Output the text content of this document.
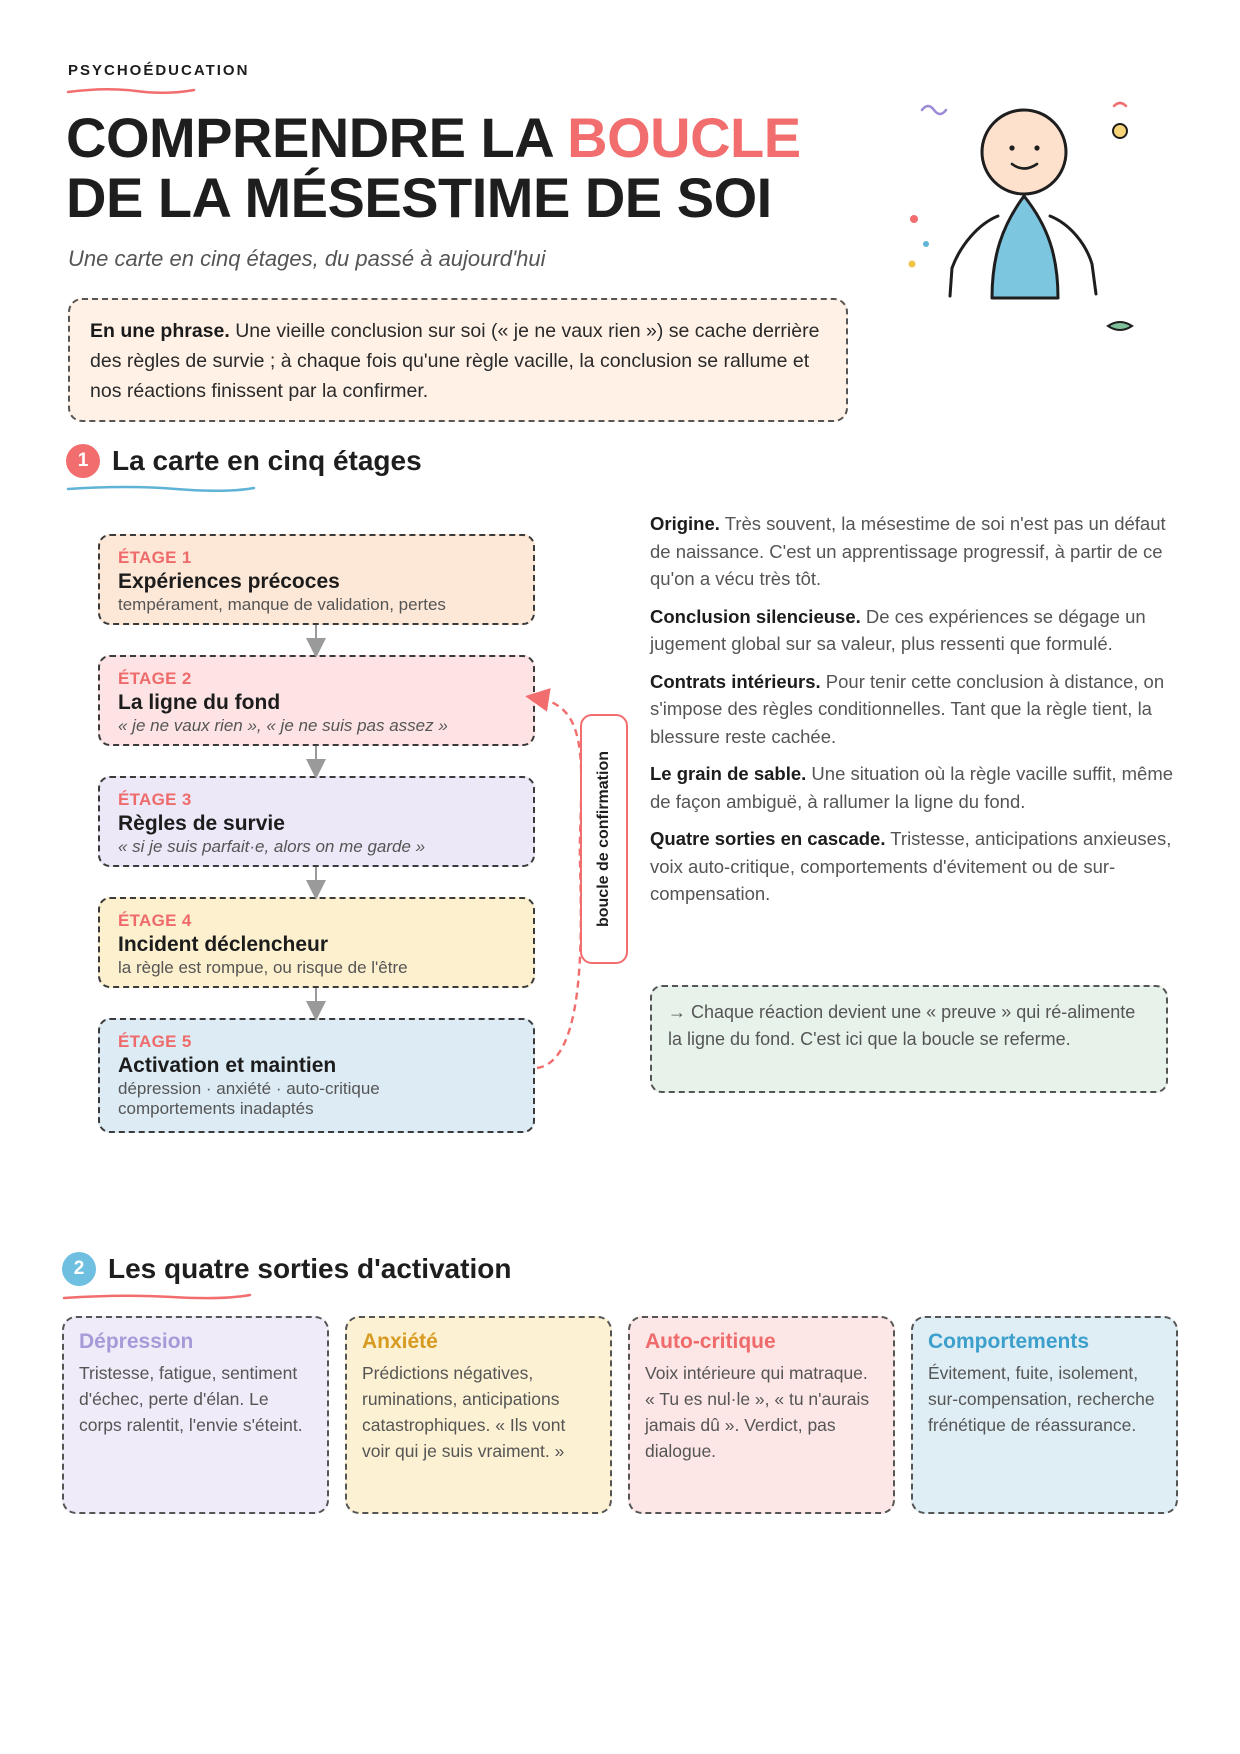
PSYCHOÉDUCATION
COMPRENDRE LA BOUCLE
DE LA MÉSESTIME DE SOI
Une carte en cinq étages, du passé à aujourd'hui
En une phrase. Une vieille conclusion sur soi (« je ne vaux rien ») se cache derrière des règles de survie ; à chaque fois qu'une règle vacille, la conclusion se rallume et nos réactions finissent par la confirmer.
1 La carte en cinq étages
ÉTAGE 1
Expériences précoces
tempérament, manque de validation, pertes
ÉTAGE 2
La ligne du fond
« je ne vaux rien », « je ne suis pas assez »
ÉTAGE 3
Règles de survie
« si je suis parfait·e, alors on me garde »
ÉTAGE 4
Incident déclencheur
la règle est rompue, ou risque de l'être
ÉTAGE 5
Activation et maintien
dépression · anxiété · auto-critique
comportements inadaptés
boucle de confirmation

Origine. Très souvent, la mésestime de soi n'est pas un défaut de naissance. C'est un apprentissage progressif, à partir de ce qu'on a vécu très tôt.

Conclusion silencieuse. De ces expériences se dégage un jugement global sur sa valeur, plus ressenti que formulé.

Contrats intérieurs. Pour tenir cette conclusion à distance, on s'impose des règles conditionnelles. Tant que la règle tient, la blessure reste cachée.

Le grain de sable. Une situation où la règle vacille suffit, même de façon ambiguë, à rallumer la ligne du fond.

Quatre sorties en cascade. Tristesse, anticipations anxieuses, voix auto-critique, comportements d'évitement ou de sur-compensation.

→ Chaque réaction devient une « preuve » qui ré-alimente la ligne du fond. C'est ici que la boucle se referme.
2 Les quatre sorties d'activation
Dépression
Tristesse, fatigue, sentiment d'échec, perte d'élan. Le corps ralentit, l'envie s'éteint.
Anxiété
Prédictions négatives, ruminations, anticipations catastrophiques. « Ils vont voir qui je suis vraiment. »
Auto-critique
Voix intérieure qui matraque. « Tu es nul·le », « tu n'aurais jamais dû ». Verdict, pas dialogue.
Comportements
Évitement, fuite, isolement, sur-compensation, recherche frénétique de réassurance.
